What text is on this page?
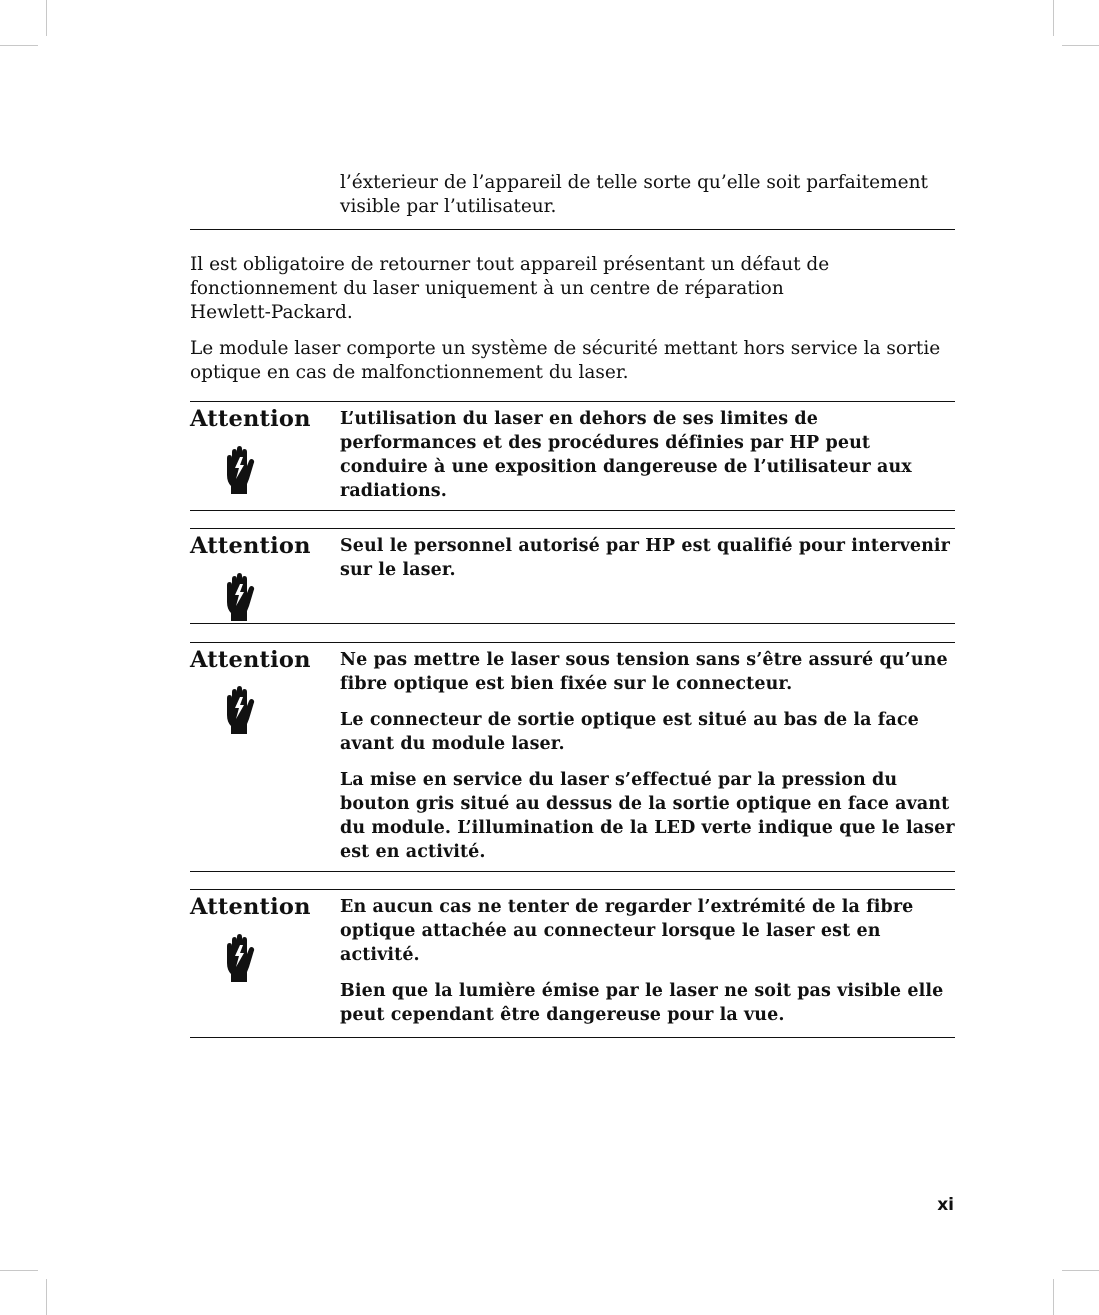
l’éxterieur de l’appareil de telle sorte qu’elle soit parfaitement visible par l’utilisateur.

Il est obligatoire de retourner tout appareil présentant un défaut de fonctionnement du laser uniquement à un centre de réparation Hewlett-Packard.

Le module laser comporte un système de sécurité mettant hors service la sortie optique en cas de malfonctionnement du laser.

Attention L’utilisation du laser en dehors de ses limites de performances et des procédures définies par HP peut conduire à une exposition dangereuse de l’utilisateur aux radiations.

Attention Seul le personnel autorisé par HP est qualifié pour intervenir sur le laser.

Attention Ne pas mettre le laser sous tension sans s’être assuré qu’une fibre optique est bien fixée sur le connecteur.

Le connecteur de sortie optique est situé au bas de la face avant du module laser.

La mise en service du laser s’effectué par la pression du bouton gris situé au dessus de la sortie optique en face avant du module. L’illumination de la LED verte indique que le laser est en activité.

Attention En aucun cas ne tenter de regarder l’extrémité de la fibre optique attachée au connecteur lorsque le laser est en activité.

Bien que la lumière émise par le laser ne soit pas visible elle peut cependant être dangereuse pour la vue.

xi
